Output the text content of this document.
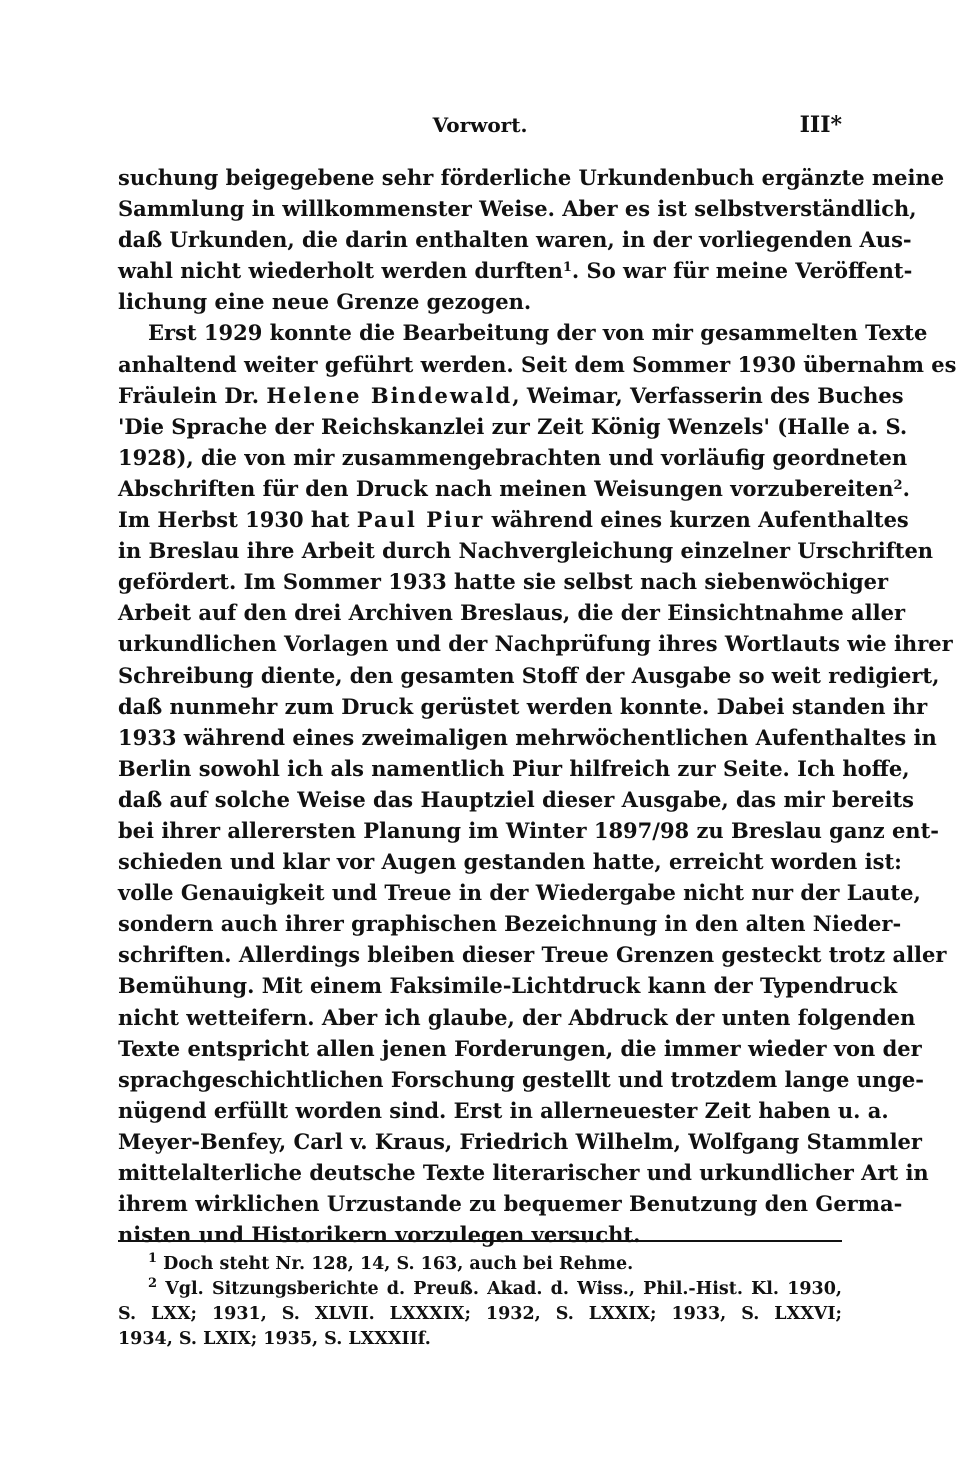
Vorwort.	III*
suchung beigegebene sehr förderliche Urkundenbuch ergänzte meine
Sammlung in willkommenster Weise. Aber es ist selbstverständlich,
daß Urkunden, die darin enthalten waren, in der vorliegenden Aus-
wahl nicht wiederholt werden durften$^1$. So war für meine Veröffent-
lichung eine neue Grenze gezogen.
Erst 1929 konnte die Bearbeitung der von mir gesammelten Texte
anhaltend weiter geführt werden. Seit dem Sommer 1930 übernahm es
Fräulein Dr. Helene Bindewald, Weimar, Verfasserin des Buches
'Die Sprache der Reichskanzlei zur Zeit König Wenzels' (Halle a. S.
1928), die von mir zusammengebrachten und vorläufig geordneten
Abschriften für den Druck nach meinen Weisungen vorzubereiten$^2$.
Im Herbst 1930 hat Paul Piur während eines kurzen Aufenthaltes
in Breslau ihre Arbeit durch Nachvergleichung einzelner Urschriften
gefördert. Im Sommer 1933 hatte sie selbst nach siebenwöchiger
Arbeit auf den drei Archiven Breslaus, die der Einsichtnahme aller
urkundlichen Vorlagen und der Nachprüfung ihres Wortlauts wie ihrer
Schreibung diente, den gesamten Stoff der Ausgabe so weit redigiert,
daß nunmehr zum Druck gerüstet werden konnte. Dabei standen ihr
1933 während eines zweimaligen mehrwöchentlichen Aufenthaltes in
Berlin sowohl ich als namentlich Piur hilfreich zur Seite. Ich hoffe,
daß auf solche Weise das Hauptziel dieser Ausgabe, das mir bereits
bei ihrer allerersten Planung im Winter 1897/98 zu Breslau ganz ent-
schieden und klar vor Augen gestanden hatte, erreicht worden ist:
volle Genauigkeit und Treue in der Wiedergabe nicht nur der Laute,
sondern auch ihrer graphischen Bezeichnung in den alten Nieder-
schriften. Allerdings bleiben dieser Treue Grenzen gesteckt trotz aller
Bemühung. Mit einem Faksimile-Lichtdruck kann der Typendruck
nicht wetteifern. Aber ich glaube, der Abdruck der unten folgenden
Texte entspricht allen jenen Forderungen, die immer wieder von der
sprachgeschichtlichen Forschung gestellt und trotzdem lange unge-
nügend erfüllt worden sind. Erst in allerneuester Zeit haben u. a.
Meyer-Benfey, Carl v. Kraus, Friedrich Wilhelm, Wolfgang Stammler
mittelalterliche deutsche Texte literarischer und urkundlicher Art in
ihrem wirklichen Urzustande zu bequemer Benutzung den Germa-
nisten und Historikern vorzulegen versucht.
$^1$ Doch steht Nr. 128, 14, S. 163, auch bei Rehme.
$^2$ Vgl. Sitzungsberichte d. Preuß. Akad. d. Wiss., Phil.-Hist. Kl. 1930,
S. LXX; 1931, S. XLVII. LXXXIX; 1932, S. LXXIX; 1933, S. LXXVI;
1934, S. LXIX; 1935, S. LXXXIIf.
